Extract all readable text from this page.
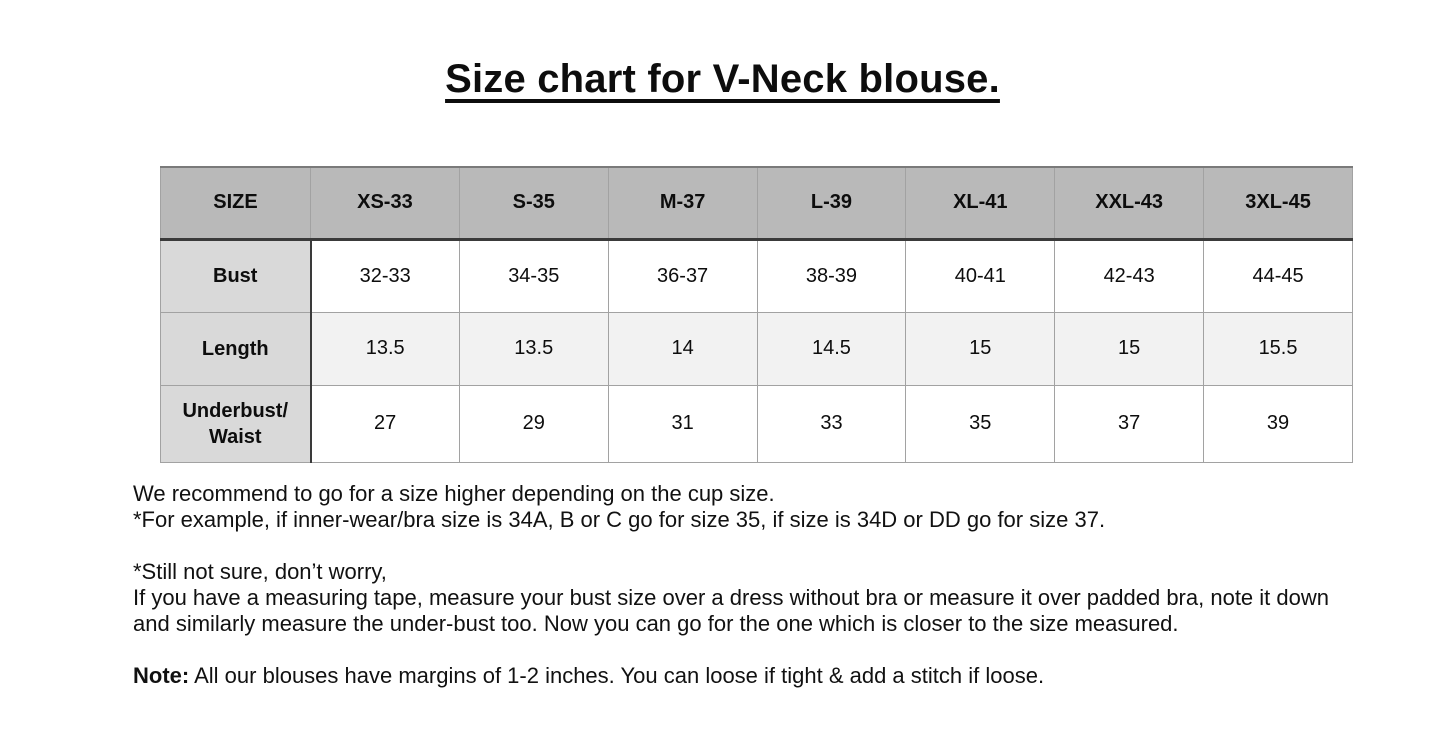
Size chart for V-Neck blouse.
SIZE	XS-33	S-35	M-37	L-39	XL-41	XXL-43	3XL-45
Bust	32-33	34-35	36-37	38-39	40-41	42-43	44-45
Length	13.5	13.5	14	14.5	15	15	15.5
Underbust/ Waist	27	29	31	33	35	37	39

We recommend to go for a size higher depending on the cup size.
*For example, if inner-wear/bra size is 34A, B or C go for size 35, if size is 34D or DD go for size 37.

*Still not sure, don’t worry,
If you have a measuring tape, measure your bust size over a dress without bra or measure it over padded bra, note it down and similarly measure the under-bust too. Now you can go for the one which is closer to the size measured.

Note: All our blouses have margins of 1-2 inches. You can loose if tight & add a stitch if loose.
